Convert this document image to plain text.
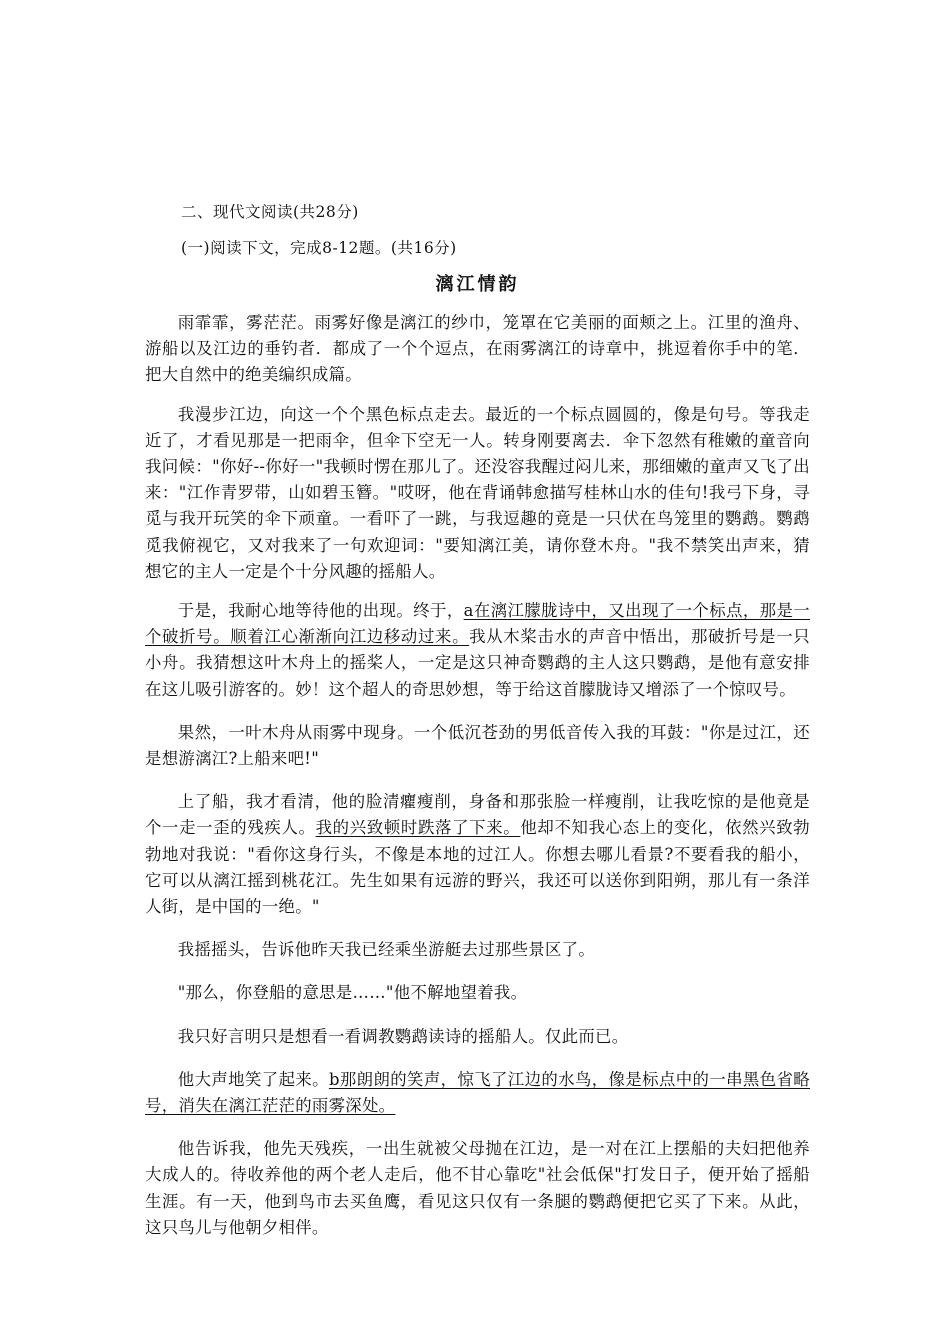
二、现代文阅读(共28分)
(一)阅读下文，完成8-12题。(共16分)
漓江情韵

雨霏霏，雾茫茫。雨雾好像是漓江的纱巾，笼罩在它美丽的面颊之上。江里的渔舟、游船以及江边的垂钓者．都成了一个个逗点，在雨雾漓江的诗章中，挑逗着你手中的笔．把大自然中的绝美编织成篇。

我漫步江边，向这一个个黑色标点走去。最近的一个标点圆圆的，像是句号。等我走近了，才看见那是一把雨伞，但伞下空无一人。转身刚要离去．伞下忽然有稚嫩的童音向我问候："你好--你好一"我顿时愣在那儿了。还没容我醒过闷儿来，那细嫩的童声又飞了出来："江作青罗带，山如碧玉簪。"哎呀，他在背诵韩愈描写桂林山水的佳句!我弓下身，寻觅与我开玩笑的伞下顽童。一看吓了一跳，与我逗趣的竟是一只伏在鸟笼里的鹦鹉。鹦鹉觅我俯视它，又对我来了一句欢迎词："要知漓江美，请你登木舟。"我不禁笑出声来，猜想它的主人一定是个十分风趣的摇船人。

于是，我耐心地等待他的出现。终于，a在漓江朦胧诗中，又出现了一个标点，那是一个破折号。顺着江心渐渐向江边移动过来。我从木桨击水的声音中悟出，那破折号是一只小舟。我猜想这叶木舟上的摇桨人，一定是这只神奇鹦鹉的主人这只鹦鹉，是他有意安排在这儿吸引游客的。妙！这个超人的奇思妙想，等于给这首朦胧诗又增添了一个惊叹号。

果然，一叶木舟从雨雾中现身。一个低沉苍劲的男低音传入我的耳鼓："你是过江，还是想游漓江?上船来吧!"

上了船，我才看清，他的脸清癯瘦削，身备和那张脸一样瘦削，让我吃惊的是他竟是个一走一歪的残疾人。我的兴致顿时跌落了下来。他却不知我心态上的变化，依然兴致勃勃地对我说："看你这身行头，不像是本地的过江人。你想去哪儿看景?不要看我的船小，它可以从漓江摇到桃花江。先生如果有远游的野兴，我还可以送你到阳朔，那儿有一条洋人街，是中国的一绝。"

我摇摇头，告诉他昨天我已经乘坐游艇去过那些景区了。

"那么，你登船的意思是……"他不解地望着我。

我只好言明只是想看一看调教鹦鹉读诗的摇船人。仅此而已。

他大声地笑了起来。b那朗朗的笑声，惊飞了江边的水鸟，像是标点中的一串黑色省略号，消失在漓江茫茫的雨雾深处。

他告诉我，他先天残疾，一出生就被父母抛在江边，是一对在江上摆船的夫妇把他养大成人的。待收养他的两个老人走后，他不甘心靠吃"社会低保"打发日子，便开始了摇船生涯。有一天，他到鸟市去买鱼鹰，看见这只仅有一条腿的鹦鹉便把它买了下来。从此，这只鸟儿与他朝夕相伴。
